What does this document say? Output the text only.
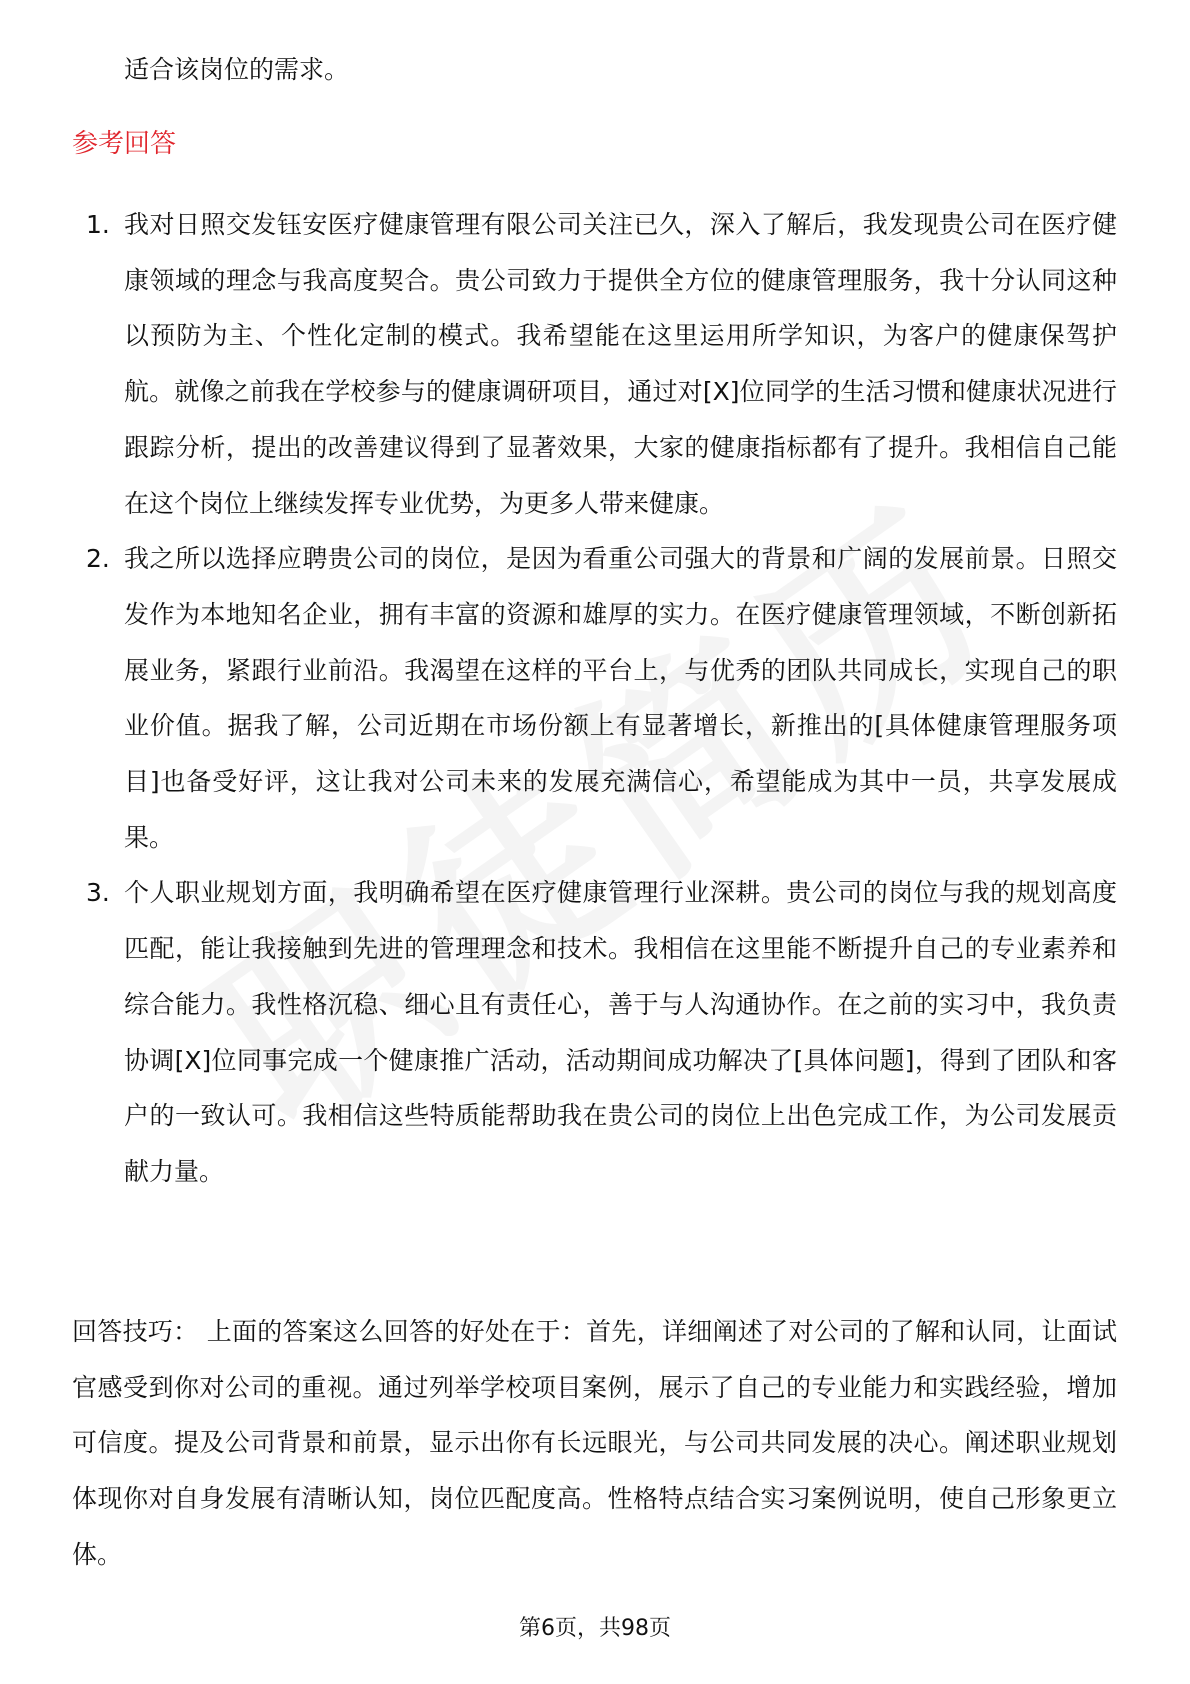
适合该岗位的需求。
参考回答
1. 我对日照交发钰安医疗健康管理有限公司关注已久，深入了解后，我发现贵公司在医疗健康领域的理念与我高度契合。贵公司致力于提供全方位的健康管理服务，我十分认同这种以预防为主、个性化定制的模式。我希望能在这里运用所学知识，为客户的健康保驾护航。就像之前我在学校参与的健康调研项目，通过对[X]位同学的生活习惯和健康状况进行跟踪分析，提出的改善建议得到了显著效果，大家的健康指标都有了提升。我相信自己能在这个岗位上继续发挥专业优势，为更多人带来健康。
2. 我之所以选择应聘贵公司的岗位，是因为看重公司强大的背景和广阔的发展前景。日照交发作为本地知名企业，拥有丰富的资源和雄厚的实力。在医疗健康管理领域，不断创新拓展业务，紧跟行业前沿。我渴望在这样的平台上，与优秀的团队共同成长，实现自己的职业价值。据我了解，公司近期在市场份额上有显著增长，新推出的[具体健康管理服务项目]也备受好评，这让我对公司未来的发展充满信心，希望能成为其中一员，共享发展成果。
3. 个人职业规划方面，我明确希望在医疗健康管理行业深耕。贵公司的岗位与我的规划高度匹配，能让我接触到先进的管理理念和技术。我相信在这里能不断提升自己的专业素养和综合能力。我性格沉稳、细心且有责任心，善于与人沟通协作。在之前的实习中，我负责协调[X]位同事完成一个健康推广活动，活动期间成功解决了[具体问题]，得到了团队和客户的一致认可。我相信这些特质能帮助我在贵公司的岗位上出色完成工作，为公司发展贡献力量。
回答技巧： 上面的答案这么回答的好处在于：首先，详细阐述了对公司的了解和认同，让面试官感受到你对公司的重视。通过列举学校项目案例，展示了自己的专业能力和实践经验，增加可信度。提及公司背景和前景，显示出你有长远眼光，与公司共同发展的决心。阐述职业规划体现你对自身发展有清晰认知，岗位匹配度高。性格特点结合实习案例说明，使自己形象更立体。
第6页，共98页
